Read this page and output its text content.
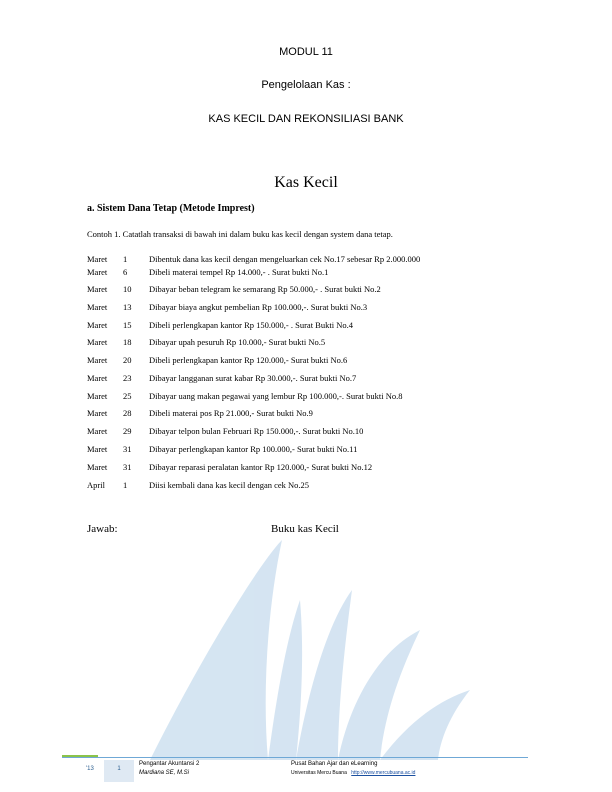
MODUL 11
Pengelolaan Kas :
KAS KECIL DAN REKONSILIASI BANK
Kas Kecil
a. Sistem Dana Tetap (Metode Imprest)
Contoh 1. Catatlah transaksi di bawah ini dalam buku kas kecil dengan system dana tetap.
Maret 1	Dibentuk dana kas kecil dengan mengeluarkan cek No.17 sebesar Rp 2.000.000
Maret 6	Dibeli materai tempel Rp 14.000,- . Surat bukti No.1
Maret 10 Dibayar beban telegram ke semarang Rp 50.000,- . Surat bukti No.2
Maret 13 Dibayar biaya angkut pembelian Rp 100.000,-. Surat bukti No.3
Maret 15 Dibeli perlengkapan kantor Rp 150.000,- . Surat Bukti No.4
Maret 18 Dibayar upah pesuruh Rp 10.000,- Surat bukti No.5
Maret 20 Dibeli perlengkapan kantor Rp 120.000,- Surat bukti No.6
Maret 23 Dibayar langganan surat kabar Rp 30.000,-. Surat bukti No.7
Maret 25 Dibayar uang makan pegawai yang lembur Rp 100.000,-. Surat bukti No.8
Maret 28 Dibeli materai pos Rp 21.000,- Surat bukti No.9
Maret 29 Dibayar telpon bulan Februari Rp 150.000,-. Surat bukti No.10
Maret 31 Dibayar perlengkapan kantor Rp 100.000,- Surat bukti No.11
Maret 31 Dibayar reparasi peralatan kantor Rp 120.000,- Surat bukti No.12
April 1	Diisi kembali dana kas kecil dengan cek No.25
Jawab:	Buku kas Kecil
'13	1
Pengantar Akuntansi 2
Mardiana SE, M.Si
Pusat Bahan Ajar dan eLearning
Universitas Mercu Buana http://www.mercubuana.ac.id
